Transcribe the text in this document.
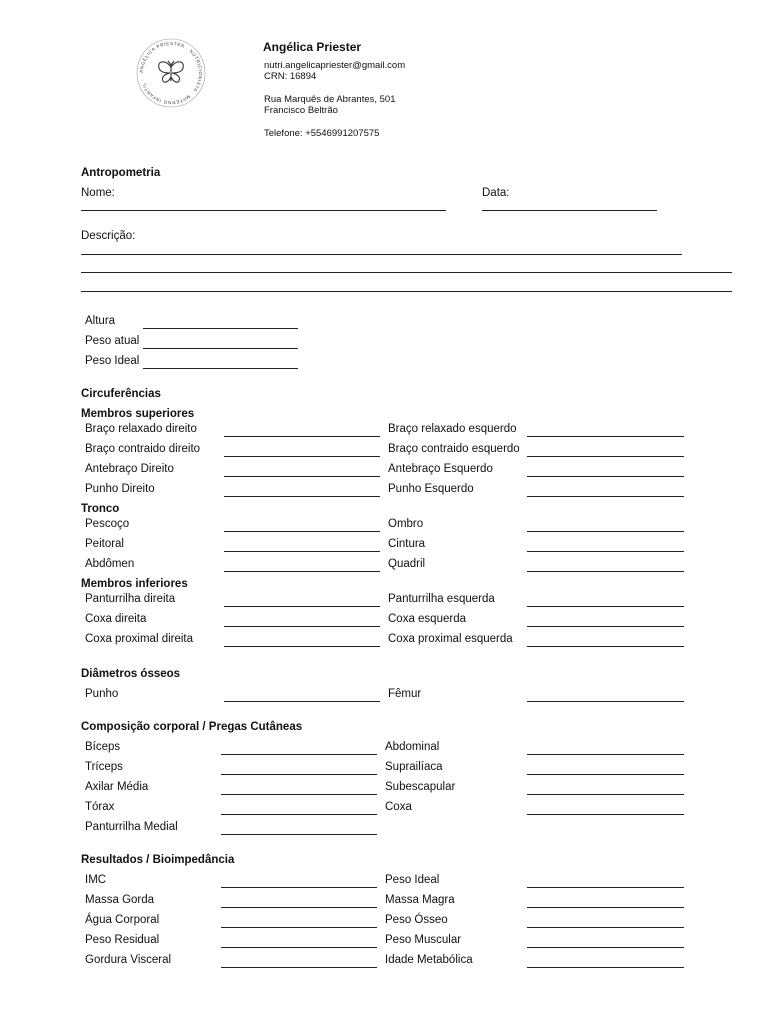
ANGÉLICA PRIESTER · NUTRICIONISTA · MATERNO INFANTIL ·
Angélica Priester
nutri.angelicapriester@gmail.com
CRN: 16894
Rua Marquês de Abrantes, 501
Francisco Beltrão
Telefone: +5546991207575
Antropometria
Nome:	Data:
Descrição:
Altura
Peso atual
Peso Ideal
Circuferências
Membros superiores
Braço relaxado direito
Braço contraido direito
Antebraço Direito
Punho Direito
Braço relaxado esquerdo
Braço contraido esquerdo
Antebraço Esquerdo
Punho Esquerdo
Tronco
Pescoço
Peitoral
Abdômen
Ombro
Cintura
Quadril
Membros inferiores
Panturrilha direita
Coxa direita
Coxa proximal direita
Panturrilha esquerda
Coxa esquerda
Coxa proximal esquerda
Diâmetros ósseos
Punho	Fêmur
Composição corporal / Pregas Cutâneas
Bíceps
Tríceps
Axilar Média
Tórax
Panturrilha Medial
Abdominal
Suprailíaca
Subescapular
Coxa
Resultados / Bioimpedância
IMC
Massa Gorda
Água Corporal
Peso Residual
Gordura Visceral
Peso Ideal
Massa Magra
Peso Ósseo
Peso Muscular
Idade Metabólica
